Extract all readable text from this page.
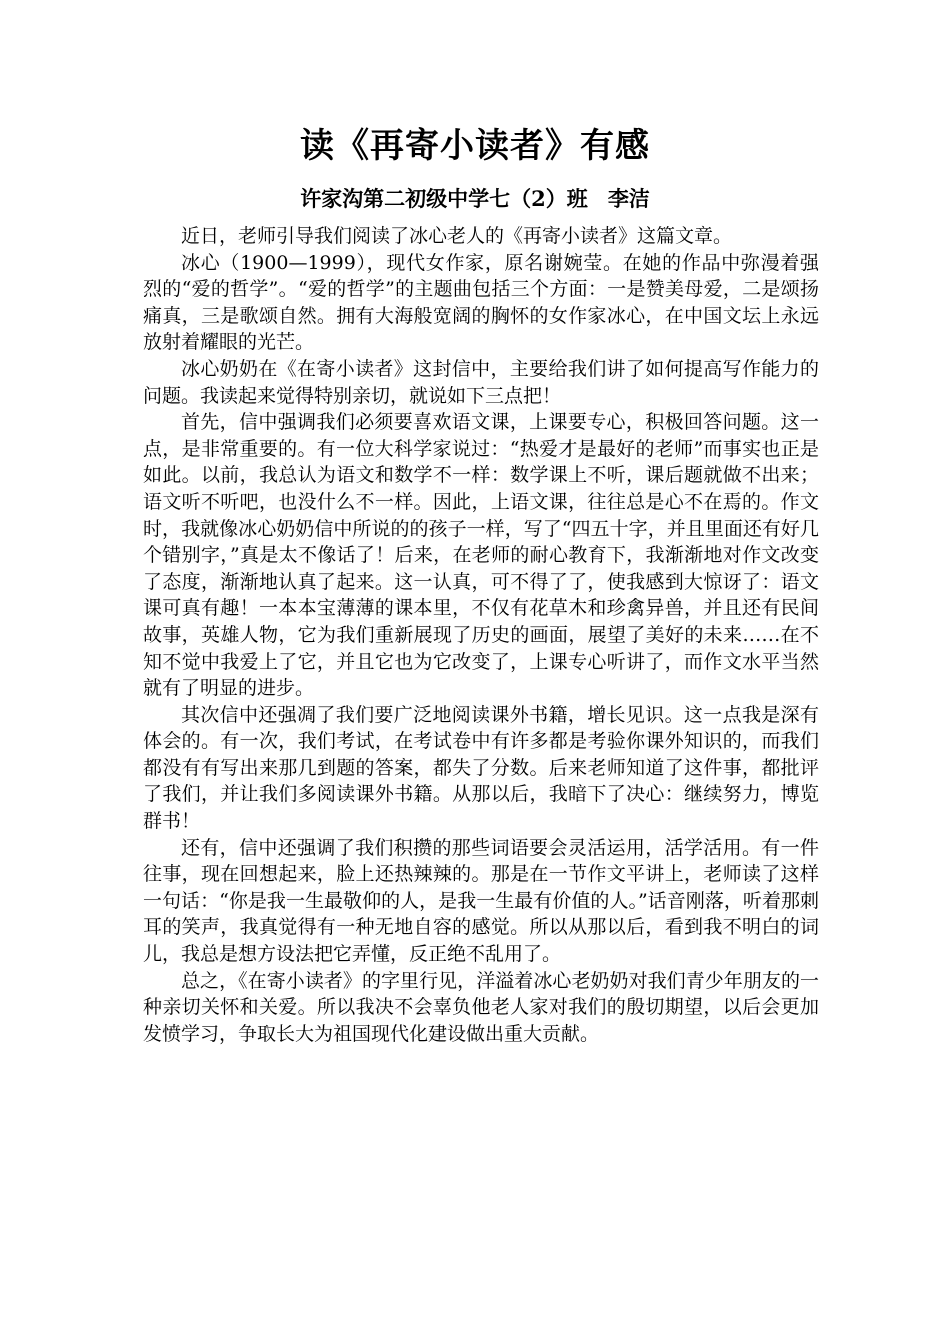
读《再寄小读者》有感
许家沟第二初级中学七（2）班 李洁

近日，老师引导我们阅读了冰心老人的《再寄小读者》这篇文章。

冰心（1900—1999），现代女作家，原名谢婉莹。在她的作品中弥漫着强烈的“爱的哲学”。“爱的哲学”的主题曲包括三个方面：一是赞美母爱，二是颂扬痛真，三是歌颂自然。拥有大海般宽阔的胸怀的女作家冰心，在中国文坛上永远放射着耀眼的光芒。

冰心奶奶在《在寄小读者》这封信中，主要给我们讲了如何提高写作能力的问题。我读起来觉得特别亲切，就说如下三点把！

首先，信中强调我们必须要喜欢语文课，上课要专心，积极回答问题。这一点，是非常重要的。有一位大科学家说过：“热爱才是最好的老师”而事实也正是如此。以前，我总认为语文和数学不一样：数学课上不听，课后题就做不出来；语文听不听吧，也没什么不一样。因此，上语文课，往往总是心不在焉的。作文时，我就像冰心奶奶信中所说的的孩子一样，写了“四五十字，并且里面还有好几个错别字，”真是太不像话了！后来，在老师的耐心教育下，我渐渐地对作文改变了态度，渐渐地认真了起来。这一认真，可不得了了，使我感到大惊讶了：语文课可真有趣！一本本宝薄薄的课本里，不仅有花草木和珍禽异兽，并且还有民间故事，英雄人物，它为我们重新展现了历史的画面，展望了美好的未来……在不知不觉中我爱上了它，并且它也为它改变了，上课专心听讲了，而作文水平当然就有了明显的进步。

其次信中还强凋了我们要广泛地阅读课外书籍，增长见识。这一点我是深有体会的。有一次，我们考试，在考试卷中有许多都是考验你课外知识的，而我们都没有有写出来那几到题的答案，都失了分数。后来老师知道了这件事，都批评了我们，并让我们多阅读课外书籍。从那以后，我暗下了决心：继续努力，博览群书！

还有，信中还强调了我们积攒的那些词语要会灵活运用，活学活用。有一件往事，现在回想起来，脸上还热辣辣的。那是在一节作文平讲上，老师读了这样一句话：“你是我一生最敬仰的人，是我一生最有价值的人。”话音刚落，听着那刺耳的笑声，我真觉得有一种无地自容的感觉。所以从那以后，看到我不明白的词儿，我总是想方设法把它弄懂，反正绝不乱用了。

总之，《在寄小读者》的字里行见，洋溢着冰心老奶奶对我们青少年朋友的一种亲切关怀和关爱。所以我决不会辜负他老人家对我们的殷切期望，以后会更加发愤学习，争取长大为祖国现代化建设做出重大贡献。
